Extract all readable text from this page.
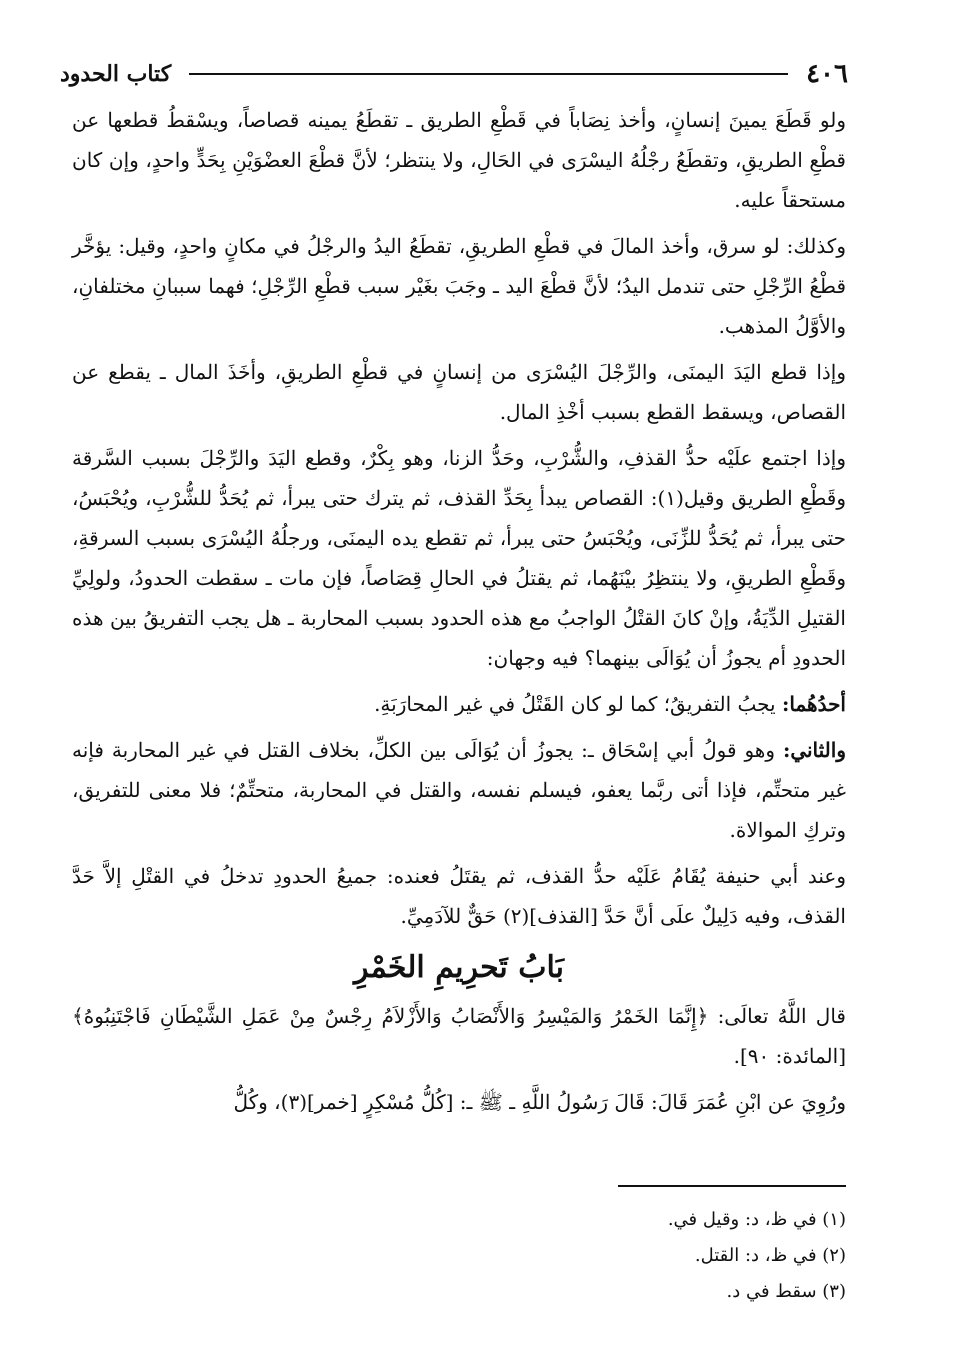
٤٠٦
كتاب الحدود

ولو قَطَعَ يمينَ إنسانٍ، وأخذ نِصَاباً في قَطْعِ الطريق ـ تقطَعُ يمينه قصاصاً، ويسْقطُ قطعها عن قطْعِ الطريقِ، وتقطَعُ رجْلُهُ اليسْرَى في الحَالِ، ولا ينتظر؛ لأنَّ قطْعَ العضْوَيْنِ بِحَدٍّ واحدٍ، وإن كان مستحقاً عليه.

وكذلك: لو سرق، وأخذ المالَ في قطْعِ الطريقِ، تقطَعُ اليدُ والرجْلُ في مكانٍ واحدٍ، وقيل: يؤخَّر قطْعُ الرِّجْلِ حتى تندمل اليدُ؛ لأنَّ قطْعَ اليد ـ وجَبَ بغَيْر سبب قطْعِ الرِّجْلِ؛ فهما سببانِ مختلفانِ، والأوَّلُ المذهب.

وإذا قطع اليَدَ اليمنَى، والرِّجْلَ اليُسْرَى من إنسانٍ في قطْعِ الطريقِ، وأخَذَ المال ـ يقطع عن القصاص، ويسقط القطع بسبب أخْذِ المال.

وإذا اجتمع علَيْه حدُّ القذفِ، والشُّرْبِ، وحَدُّ الزنا، وهو بِكْرٌ، وقطع اليَدَ والرِّجْلَ بسبب السَّرقة وقَطْعِ الطريق وقيل(١): القصاص يبدأ بِحَدِّ القذف، ثم يترك حتى يبرأ، ثم يُحَدُّ للشُّرْبِ، ويُحْبَسُ، حتى يبرأ، ثم يُحَدُّ للزِّنَى، ويُحْبَسُ حتى يبرأ، ثم تقطع يده اليمنَى، ورجلُهُ اليُسْرَى بسبب السرقةِ، وقَطْعِ الطريقِ، ولا ينتظِرُ بيْنَهُما، ثم يقتلُ في الحالِ قِصَاصاً، فإن مات ـ سقطت الحدودُ، ولولِيِّ القتيلِ الدِّيَةُ، وإنْ كانَ القتْلُ الواجبُ مع هذه الحدود بسبب المحاربة ـ هل يجب التفريقُ بين هذه الحدودِ أم يجوزُ أن يُوَالَى بينهما؟ فيه وجهان:

أحدُهُما: يجبُ التفريقُ؛ كما لو كان القَتْلُ في غير المحارَبَةِ.

والثاني: وهو قولُ أبي إسْحَاق ـ: يجوزُ أن يُوَالَى بين الكلِّ، بخلاف القتل في غير المحاربة فإنه غير متحتِّم، فإذا أتى ربَّما يعفو، فيسلم نفسه، والقتل في المحاربة، متحتِّمٌ؛ فلا معنى للتفريق، وتركِ الموالاة.

وعند أبي حنيفة يُقَامُ عَلَيْه حدُّ القذف، ثم يقتَلُ فعنده: جميعُ الحدودِ تدخلُ في القتْلِ إلاَّ حَدَّ القذف، وفيه دَلِيلٌ علَى أنَّ حَدَّ [القذف](٢) حَقٌّ للآدَمِيِّ.

بَابُ تَحرِيمِ الخَمْرِ

قال اللَّهُ تعالَى: ﴿إِنَّمَا الخَمْرُ وَالمَيْسِرُ وَالأَنْصَابُ وَالأَزْلاَمُ رِجْسٌ مِنْ عَمَلِ الشَّيْطَانِ فَاجْتَنِبُوهُ﴾ [المائدة: ٩٠].

ورُوِيَ عن ابْنِ عُمَرَ قَالَ: قَالَ رَسُولُ اللَّهِ ـ ﷺ ـ: [كُلُّ مُسْكِرٍ [خمر](٣)، وكُلُّ

(١) في ظ، د: وقيل في.

(٢) في ظ، د: القتل.

(٣) سقط في د.
